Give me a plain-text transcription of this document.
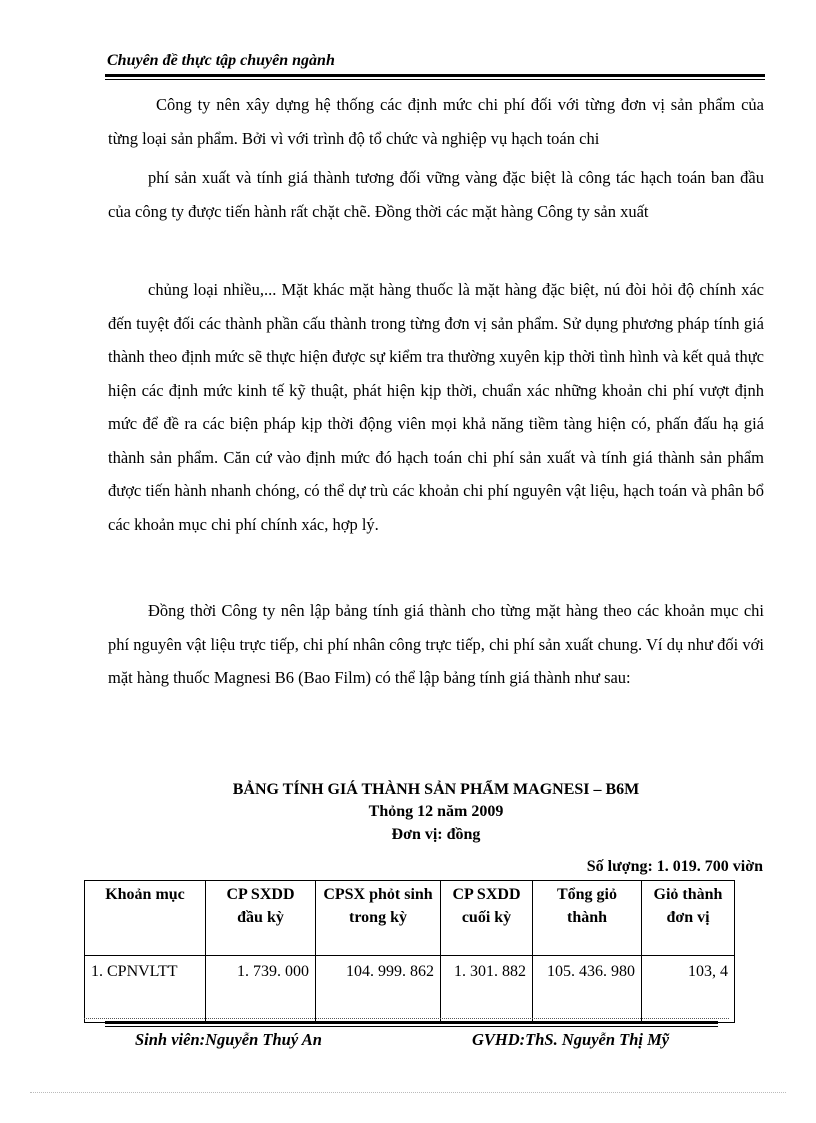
Chuyên đề thực tập chuyên ngành

Công ty nên xây dựng hệ thống các định mức chi phí đối với từng đơn vị sản phẩm của từng loại sản phẩm. Bởi vì với trình độ tổ chức và nghiệp vụ hạch toán chi

phí sản xuất và tính giá thành tương đối vững vàng đặc biệt là công tác hạch toán ban đầu của công ty được tiến hành rất chặt chẽ. Đồng thời các mặt hàng Công ty sản xuất

chủng loại nhiều,... Mặt khác mặt hàng thuốc là mặt hàng đặc biệt, nú đòi hỏi độ chính xác đến tuyệt đối các thành phần cấu thành trong từng đơn vị sản phẩm. Sử dụng phương pháp tính giá thành theo định mức sẽ thực hiện được sự kiểm tra thường xuyên kịp thời tình hình và kết quả thực hiện các định mức kinh tế kỹ thuật, phát hiện kịp thời, chuẩn xác những khoản chi phí vượt định mức để đề ra các biện pháp kịp thời động viên mọi khả năng tiềm tàng hiện có, phấn đấu hạ giá thành sản phẩm. Căn cứ vào định mức đó hạch toán chi phí sản xuất và tính giá thành sản phẩm được tiến hành nhanh chóng, có thể dự trù các khoản chi phí nguyên vật liệu, hạch toán và phân bổ các khoản mục chi phí chính xác, hợp lý.

Đồng thời Công ty nên lập bảng tính giá thành cho từng mặt hàng theo các khoản mục chi phí nguyên vật liệu trực tiếp, chi phí nhân công trực tiếp, chi phí sản xuất chung. Ví dụ như đối với mặt hàng thuốc Magnesi B6 (Bao Film) có thể lập bảng tính giá thành như sau:

BẢNG TÍNH GIÁ THÀNH SẢN PHẨM MAGNESI – B6M
Thỏng 12 năm 2009
Đơn vị: đồng
Số lượng: 1. 019. 700 viờn
Khoản mục	CP SXDD đầu kỳ	CPSX phỏt sinh trong kỳ	CP SXDD cuối kỳ	Tổng giỏ thành	Giỏ thành đơn vị
1. CPNVLTT	1. 739. 000	104. 999. 862	1. 301. 882	105. 436. 980	103, 4
Sinh viên:Nguyễn Thuý An	GVHD:ThS. Nguyễn Thị Mỹ
